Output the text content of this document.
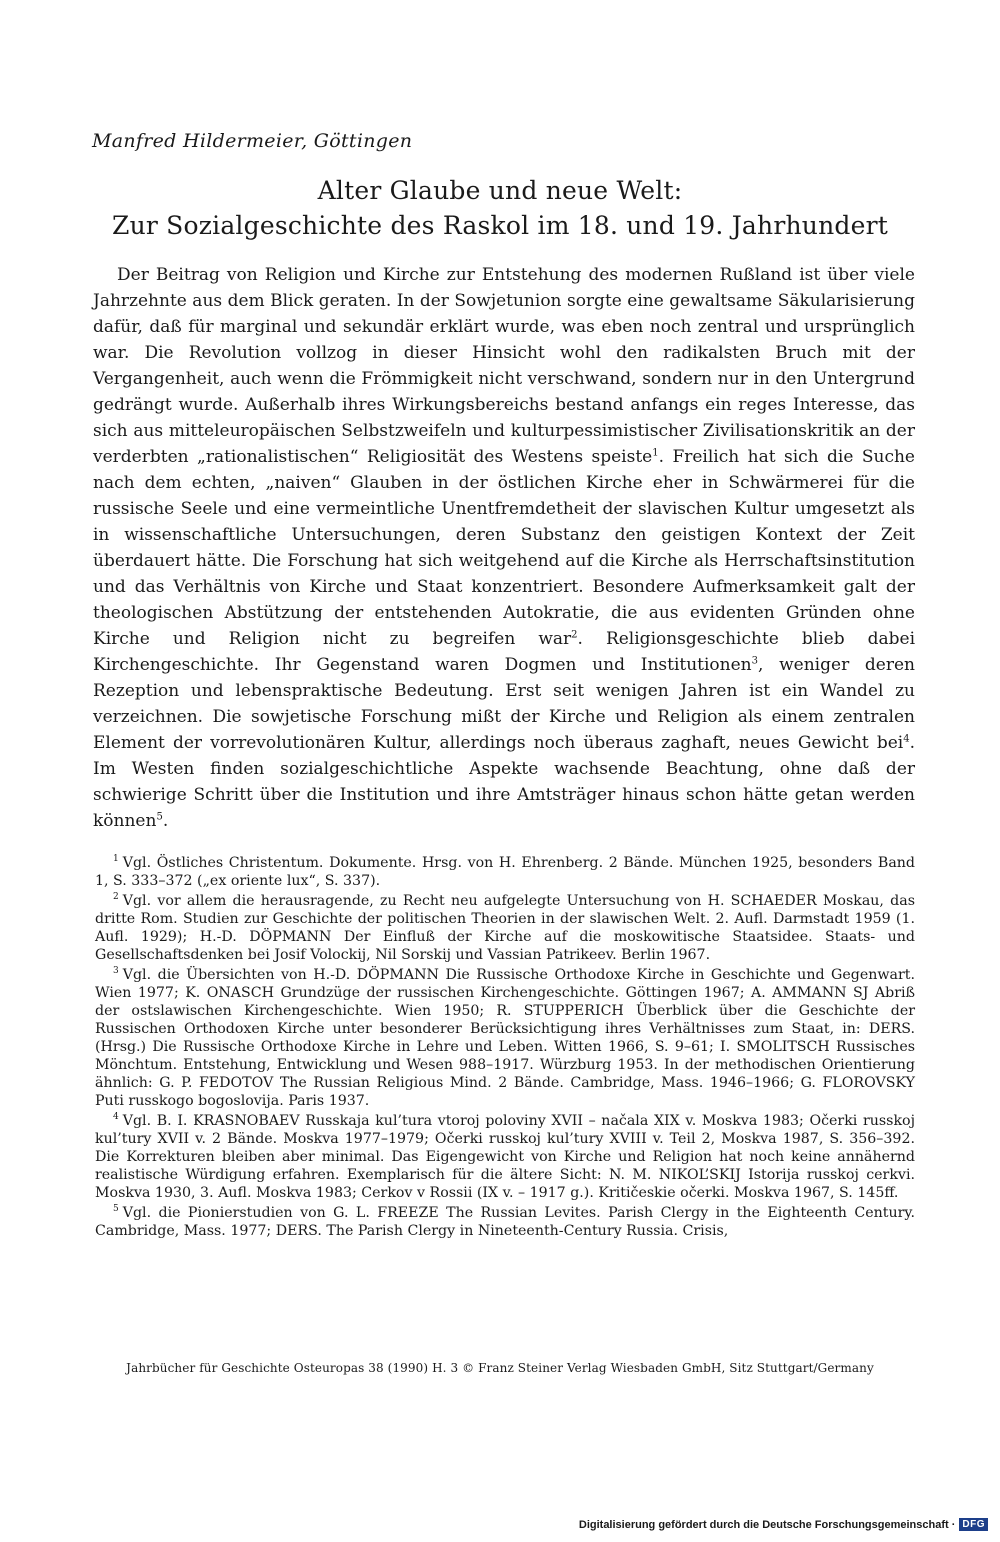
Manfred Hildermeier, Göttingen
Alter Glaube und neue Welt:
Zur Sozialgeschichte des Raskol im 18. und 19. Jahrhundert

Der Beitrag von Religion und Kirche zur Entstehung des modernen Rußland ist über viele Jahrzehnte aus dem Blick geraten. In der Sowjetunion sorgte eine gewaltsame Säkularisierung dafür, daß für marginal und sekundär erklärt wurde, was eben noch zentral und ursprünglich war. Die Revolution vollzog in dieser Hinsicht wohl den radikalsten Bruch mit der Vergangenheit, auch wenn die Frömmigkeit nicht verschwand, sondern nur in den Untergrund gedrängt wurde. Außerhalb ihres Wirkungsbereichs bestand anfangs ein reges Interesse, das sich aus mitteleuropäischen Selbstzweifeln und kulturpessimistischer Zivilisationskritik an der verderbten „rationalistischen“ Religiosität des Westens speiste$^1$. Freilich hat sich die Suche nach dem echten, „naiven“ Glauben in der östlichen Kirche eher in Schwärmerei für die russische Seele und eine vermeintliche Unentfremdetheit der slavischen Kultur umgesetzt als in wissenschaftliche Untersuchungen, deren Substanz den geistigen Kontext der Zeit überdauert hätte. Die Forschung hat sich weitgehend auf die Kirche als Herrschaftsinstitution und das Verhältnis von Kirche und Staat konzentriert. Besondere Aufmerksamkeit galt der theologischen Abstützung der entstehenden Autokratie, die aus evidenten Gründen ohne Kirche und Religion nicht zu begreifen war$^2$. Religionsgeschichte blieb dabei Kirchengeschichte. Ihr Gegenstand waren Dogmen und Institutionen$^3$, weniger deren Rezeption und lebenspraktische Bedeutung. Erst seit wenigen Jahren ist ein Wandel zu verzeichnen. Die sowjetische Forschung mißt der Kirche und Religion als einem zentralen Element der vorrevolutionären Kultur, allerdings noch überaus zaghaft, neues Gewicht bei$^4$. Im Westen finden sozialgeschichtliche Aspekte wachsende Beachtung, ohne daß der schwierige Schritt über die Institution und ihre Amtsträger hinaus schon hätte getan werden können$^5$.

$^1$ Vgl. Östliches Christentum. Dokumente. Hrsg. von H. Ehrenberg. 2 Bände. München 1925, besonders Band 1, S. 333–372 („ex oriente lux“, S. 337).

$^2$ Vgl. vor allem die herausragende, zu Recht neu aufgelegte Untersuchung von H. SCHAEDER Moskau, das dritte Rom. Studien zur Geschichte der politischen Theorien in der slawischen Welt. 2. Aufl. Darmstadt 1959 (1. Aufl. 1929); H.-D. DÖPMANN Der Einfluß der Kirche auf die moskowitische Staatsidee. Staats- und Gesellschaftsdenken bei Josif Volockij, Nil Sorskij und Vassian Patrikeev. Berlin 1967.

$^3$ Vgl. die Übersichten von H.-D. DÖPMANN Die Russische Orthodoxe Kirche in Geschichte und Gegenwart. Wien 1977; K. ONASCH Grundzüge der russischen Kirchengeschichte. Göttingen 1967; A. AMMANN SJ Abriß der ostslawischen Kirchengeschichte. Wien 1950; R. STUPPERICH Überblick über die Geschichte der Russischen Orthodoxen Kirche unter besonderer Berücksichtigung ihres Verhältnisses zum Staat, in: DERS. (Hrsg.) Die Russische Orthodoxe Kirche in Lehre und Leben. Witten 1966, S. 9–61; I. SMOLITSCH Russisches Mönchtum. Entstehung, Entwicklung und Wesen 988–1917. Würzburg 1953. In der methodischen Orientierung ähnlich: G. P. FEDOTOV The Russian Religious Mind. 2 Bände. Cambridge, Mass. 1946–1966; G. FLOROVSKY Puti russkogo bogoslovija. Paris 1937.

$^4$ Vgl. B. I. KRASNOBAEV Russkaja kul’tura vtoroj poloviny XVII – načala XIX v. Moskva 1983; Očerki russkoj kul’tury XVII v. 2 Bände. Moskva 1977–1979; Očerki russkoj kul’tury XVIII v. Teil 2, Moskva 1987, S. 356–392. Die Korrekturen bleiben aber minimal. Das Eigengewicht von Kirche und Religion hat noch keine annähernd realistische Würdigung erfahren. Exemplarisch für die ältere Sicht: N. M. NIKOL’SKIJ Istorija russkoj cerkvi. Moskva 1930, 3. Aufl. Moskva 1983; Cerkov v Rossii (IX v. – 1917 g.). Kritičeskie očerki. Moskva 1967, S. 145ff.

$^5$ Vgl. die Pionierstudien von G. L. FREEZE The Russian Levites. Parish Clergy in the Eighteenth Century. Cambridge, Mass. 1977; DERS. The Parish Clergy in Nineteenth-Century Russia. Crisis,

Jahrbücher für Geschichte Osteuropas 38 (1990) H. 3 © Franz Steiner Verlag Wiesbaden GmbH, Sitz Stuttgart/Germany
Digitalisierung gefördert durch die Deutsche Forschungsgemeinschaft · DFG
